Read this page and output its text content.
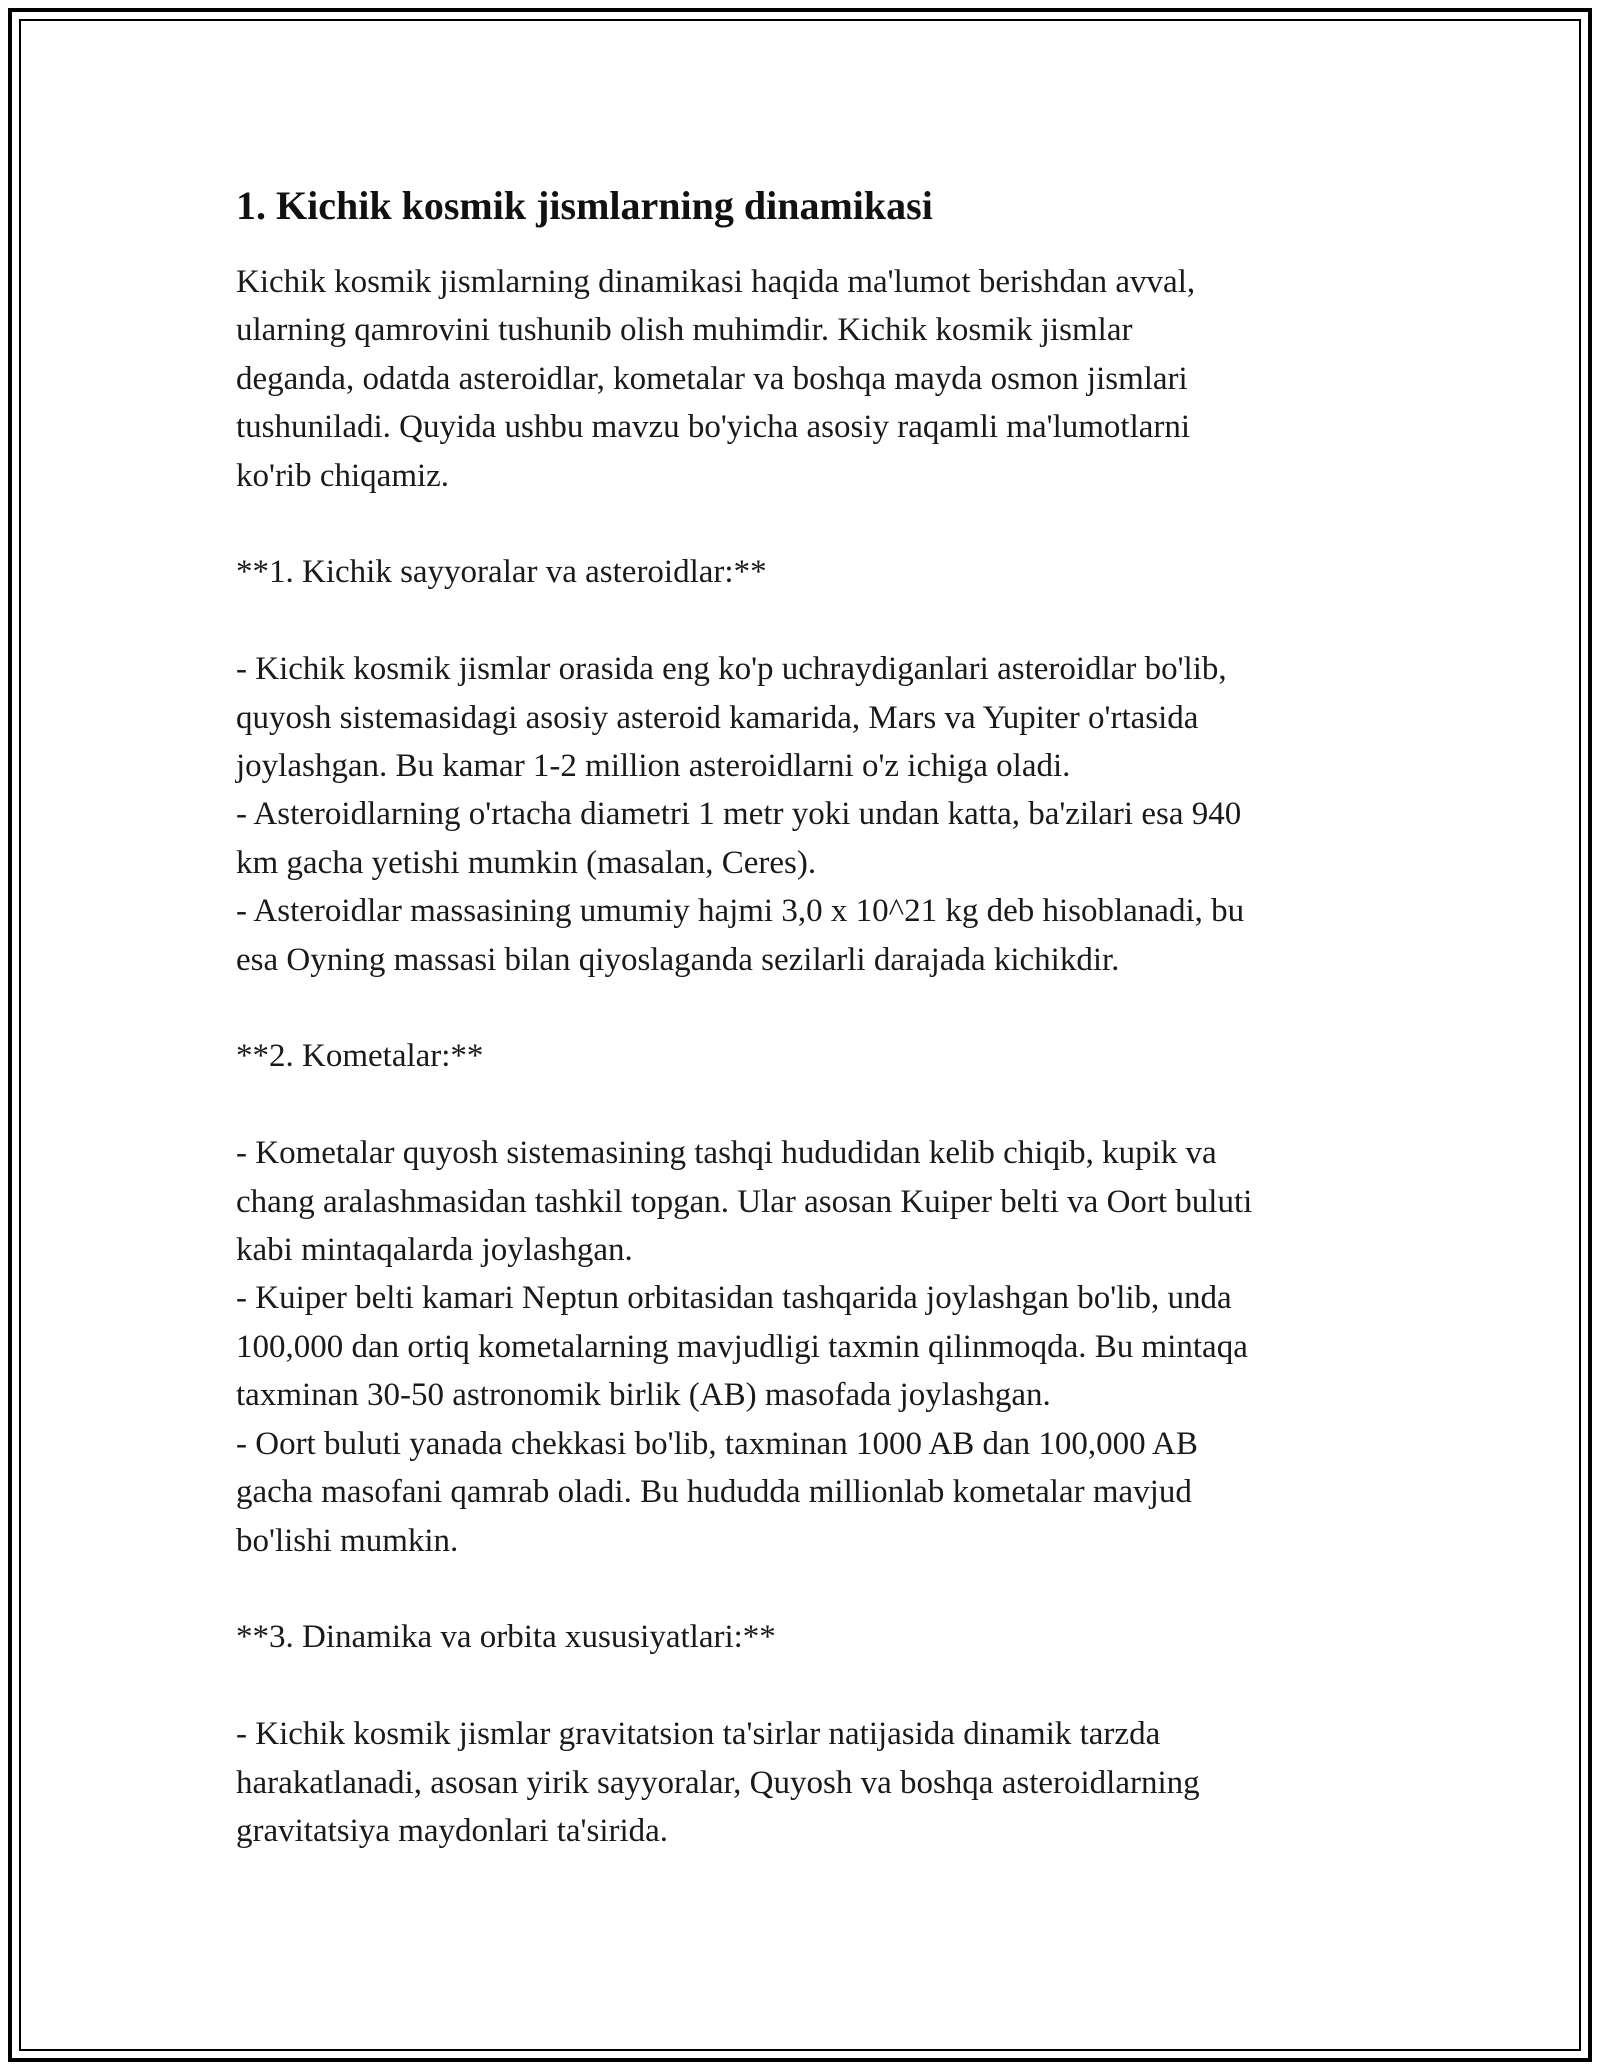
1. Kichik kosmik jismlarning dinamikasi

Kichik kosmik jismlarning dinamikasi haqida ma'lumot berishdan avval,
ularning qamrovini tushunib olish muhimdir. Kichik kosmik jismlar
deganda, odatda asteroidlar, kometalar va boshqa mayda osmon jismlari
tushuniladi. Quyida ushbu mavzu bo'yicha asosiy raqamli ma'lumotlarni
ko'rib chiqamiz.
**1. Kichik sayyoralar va asteroidlar:**
- Kichik kosmik jismlar orasida eng ko'p uchraydiganlari asteroidlar bo'lib,
quyosh sistemasidagi asosiy asteroid kamarida, Mars va Yupiter o'rtasida
joylashgan. Bu kamar 1-2 million asteroidlarni o'z ichiga oladi.
- Asteroidlarning o'rtacha diametri 1 metr yoki undan katta, ba'zilari esa 940
km gacha yetishi mumkin (masalan, Ceres).
- Asteroidlar massasining umumiy hajmi 3,0 x 10^21 kg deb hisoblanadi, bu
esa Oyning massasi bilan qiyoslaganda sezilarli darajada kichikdir.
**2. Kometalar:**
- Kometalar quyosh sistemasining tashqi hududidan kelib chiqib, kupik va
chang aralashmasidan tashkil topgan. Ular asosan Kuiper belti va Oort buluti
kabi mintaqalarda joylashgan.
- Kuiper belti kamari Neptun orbitasidan tashqarida joylashgan bo'lib, unda
100,000 dan ortiq kometalarning mavjudligi taxmin qilinmoqda. Bu mintaqa
taxminan 30-50 astronomik birlik (AB) masofada joylashgan.
- Oort buluti yanada chekkasi bo'lib, taxminan 1000 AB dan 100,000 AB
gacha masofani qamrab oladi. Bu hududda millionlab kometalar mavjud
bo'lishi mumkin.
**3. Dinamika va orbita xususiyatlari:**
- Kichik kosmik jismlar gravitatsion ta'sirlar natijasida dinamik tarzda
harakatlanadi, asosan yirik sayyoralar, Quyosh va boshqa asteroidlarning
gravitatsiya maydonlari ta'sirida.
